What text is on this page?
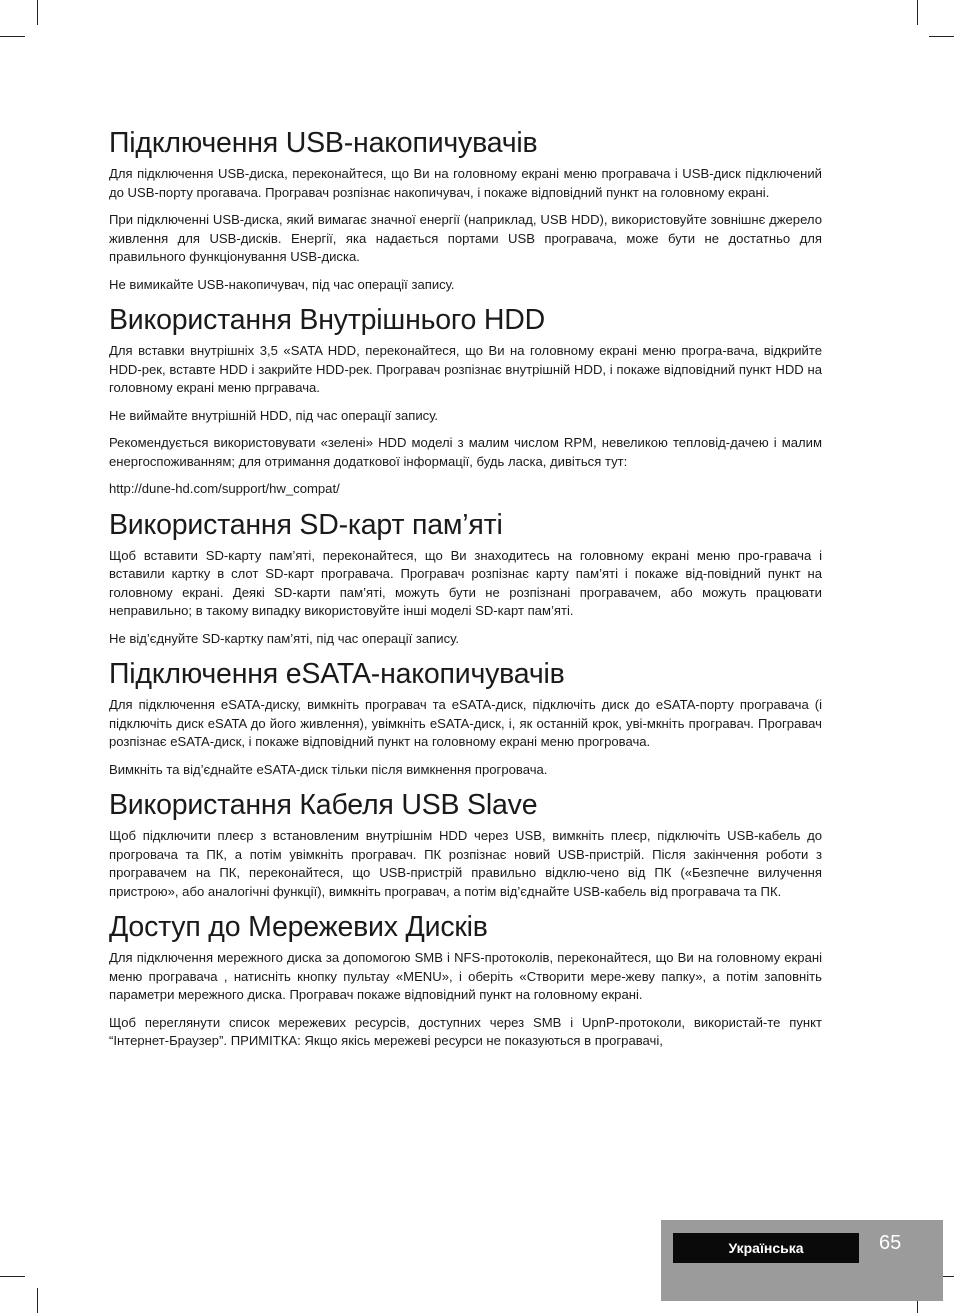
Підключення USB-накопичувачів

Для підключення USB-диска, переконайтеся, що Ви на головному екрані меню програвача і USB-диск підключений до USB-порту прогавача. Програвач розпізнає накопичувач, і покаже відповідний пункт на головному екрані.

При підключенні USB-диска, який вимагає значної енергії (наприклад, USB HDD), використовуйте зовнішнє джерело живлення для USB-дисків. Енергії, яка надається портами USB програвача, може бути не достатньо для правильного функціонування USB-диска.

Не вимикайте USB-накопичувач, під час операції запису.

Використання Внутрішнього HDD

Для вставки внутрішніх 3,5 «SATA HDD, переконайтеся, що Ви на головному екрані меню програ-вача, відкрийте HDD-рек, вставте HDD і закрийте HDD-рек. Програвач розпізнає внутрішній HDD, і покаже відповідний пункт HDD на головному екрані меню пргравача.

Не виймайте внутрішній HDD, під час операції запису.

Рекомендується використовувати «зелені» HDD моделі з малим числом RPM, невеликою тепловід-дачею і малим енергоспоживанням; для отримання додаткової інформації, будь ласка, дивіться тут:

http://dune-hd.com/support/hw_compat/

Використання SD-карт пам’яті

Щоб вставити SD-карту пам’яті, переконайтеся, що Ви знаходитесь на головному екрані меню про-гравача і вставили картку в слот SD-карт програвача. Програвач розпізнає карту пам’яті і покаже від-повідний пункт на головному екрані. Деякі SD-карти пам’яті, можуть бути не розпізнані програвачем, або можуть працювати неправильно; в такому випадку використовуйте інші моделі SD-карт пам’яті.

Не від’єднуйте SD-картку пам’яті, під час операції запису.

Підключення eSATA-накопичувачів

Для підключення eSATA-диску, вимкніть програвач та eSATA-диск, підключіть диск до eSATA-порту програвача (і підключіть диск eSATA до його живлення), увімкніть eSATA-диск, і, як останній крок, уві-мкніть програвач. Програвач розпізнає eSATA-диск, і покаже відповідний пункт на головному екрані меню прогровача.

Вимкніть та від’єднайте eSATA-диск тільки після вимкнення прогровача.

Використання Кабеля USB Slave

Щоб підключити плеєр з встановленим внутрішнім HDD через USB, вимкніть плеєр, підключіть USB-кабель до прогровача та ПК, а потім увімкніть програвач. ПК розпізнає новий USB-пристрій. Після закінчення роботи з програвачем на ПК, переконайтеся, що USB-пристрій правильно відклю-чено від ПК («Безпечне вилучення пристрою», або аналогічні функції), вимкніть програвач, а потім від’єднайте USB-кабель від програвача та ПК.

Доступ до Мережевих Дисків

Для підключення мережного диска за допомогою SMB і NFS-протоколів, переконайтеся, що Ви на головному екрані меню програвача , натисніть кнопку пультау «MENU», і оберіть «Створити мере-жеву папку», а потім заповніть параметри мережного диска. Програвач покаже відповідний пункт на головному екрані.

Щоб переглянути список мережевих ресурсів, доступних через SMB і UpnP-протоколи, використай-те пункт “Інтернет-Браузер”. ПРИМІТКА: Якщо якісь мережеві ресурси не показуються в програвачі,

Українська	65
